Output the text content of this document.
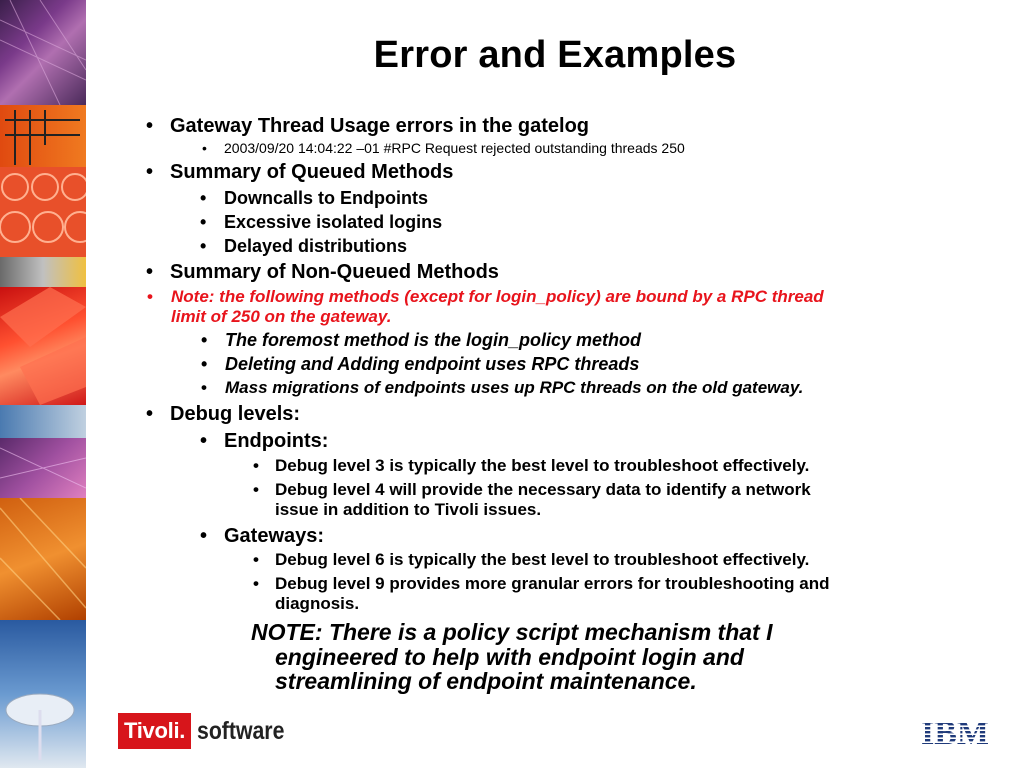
Error and Examples
• Gateway Thread Usage errors in the gatelog
• 2003/09/20 14:04:22 –01 #RPC Request rejected outstanding threads 250
• Summary of Queued Methods
• Downcalls to Endpoints
• Excessive isolated logins
• Delayed distributions
• Summary of Non-Queued Methods
• Note: the following methods (except for login_policy) are bound by a RPC thread
limit of 250 on the gateway.
• The foremost method is the login_policy method
• Deleting and Adding endpoint uses RPC threads
• Mass migrations of endpoints uses up RPC threads on the old gateway.
• Debug levels:
• Endpoints:
• Debug level 3 is typically the best level to troubleshoot effectively.
• Debug level 4 will provide the necessary data to identify a network
issue in addition to Tivoli issues.
• Gateways:
• Debug level 6 is typically the best level to troubleshoot effectively.
• Debug level 9 provides more granular errors for troubleshooting and
diagnosis.
NOTE: There is a policy script mechanism that I
engineered to help with endpoint login and
streamlining of endpoint maintenance.
Tivoli. software	IBM
